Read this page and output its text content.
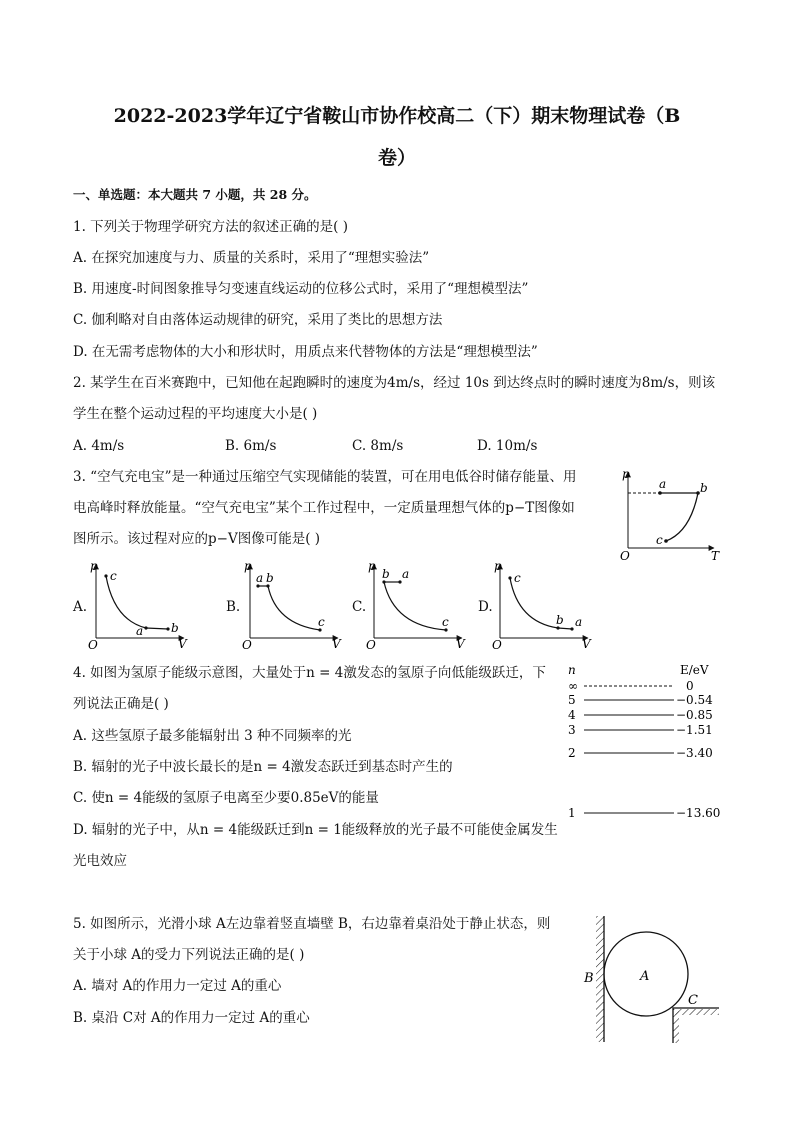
2022-2023学年辽宁省鞍山市协作校高二（下）期末物理试卷（B
卷）
一、单选题：本大题共 7 小题，共 28 分。
1. 下列关于物理学研究方法的叙述正确的是( )
A. 在探究加速度与力、质量的关系时，采用了“理想实验法”
B. 用速度-时间图象推导匀变速直线运动的位移公式时，采用了“理想模型法”
C. 伽利略对自由落体运动规律的研究，采用了类比的思想方法
D. 在无需考虑物体的大小和形状时，用质点来代替物体的方法是“理想模型法”
2. 某学生在百米赛跑中，已知他在起跑瞬时的速度为4m/s，经过 10s 到达终点时的瞬时速度为8m/s，则该
学生在整个运动过程的平均速度大小是( )
A. 4m/s	B. 6m/s	C. 8m/s	D. 10m/s
3. “空气充电宝”是一种通过压缩空气实现储能的装置，可在用电低谷时储存能量、用
电高峰时释放能量。“空气充电宝”某个工作过程中，一定质量理想气体的p−T图像如
图所示。该过程对应的p−V图像可能是( )
p
T
O
a	b
c
A.
p
V
O
c
a b
B.
p
V
O
a b
c
C.
p
V
O
b a
c
D.
p
V
O
c
b a
4. 如图为氢原子能级示意图，大量处于n = 4激发态的氢原子向低能级跃迁，下
列说法正确是( )
A. 这些氢原子最多能辐射出 3 种不同频率的光
B. 辐射的光子中波长最长的是n = 4激发态跃迁到基态时产生的
C. 使n = 4能级的氢原子电离至少要0.85eV的能量
D. 辐射的光子中，从n = 4能级跃迁到n = 1能级释放的光子最不可能使金属发生
光电效应
n	E/eV
∞	0
5	−0.54
4	−0.85
3	−1.51
2	−3.40
1	−13.60
5. 如图所示，光滑小球 A左边靠着竖直墙壁 B，右边靠着桌沿处于静止状态，则
关于小球 A的受力下列说法正确的是( )
A. 墙对 A的作用力一定过 A的重心
B. 桌沿 C对 A的作用力一定过 A的重心
A
B
C
